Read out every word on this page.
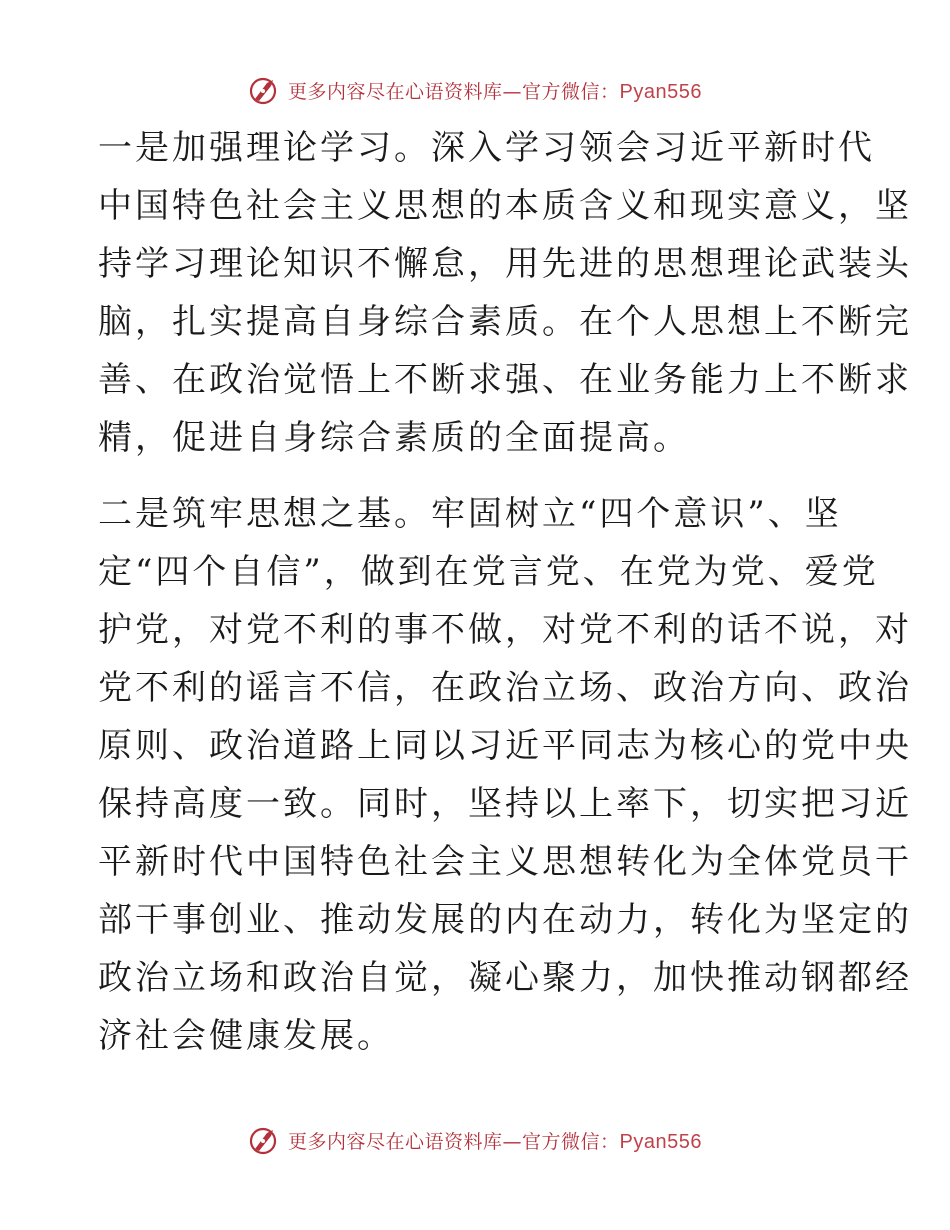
更多内容尽在心语资料库—官方微信：Pyan556

一是加强理论学习。深入学习领会习近平新时代

中国特色社会主义思想的本质含义和现实意义，坚

持学习理论知识不懈怠，用先进的思想理论武装头

脑，扎实提高自身综合素质。在个人思想上不断完

善、在政治觉悟上不断求强、在业务能力上不断求

精，促进自身综合素质的全面提高。

二是筑牢思想之基。牢固树立“四个意识”、坚

定“四个自信”，做到在党言党、在党为党、爱党

护党，对党不利的事不做，对党不利的话不说，对

党不利的谣言不信，在政治立场、政治方向、政治

原则、政治道路上同以习近平同志为核心的党中央

保持高度一致。同时，坚持以上率下，切实把习近

平新时代中国特色社会主义思想转化为全体党员干

部干事创业、推动发展的内在动力，转化为坚定的

政治立场和政治自觉，凝心聚力，加快推动钢都经

济社会健康发展。

更多内容尽在心语资料库—官方微信：Pyan556
